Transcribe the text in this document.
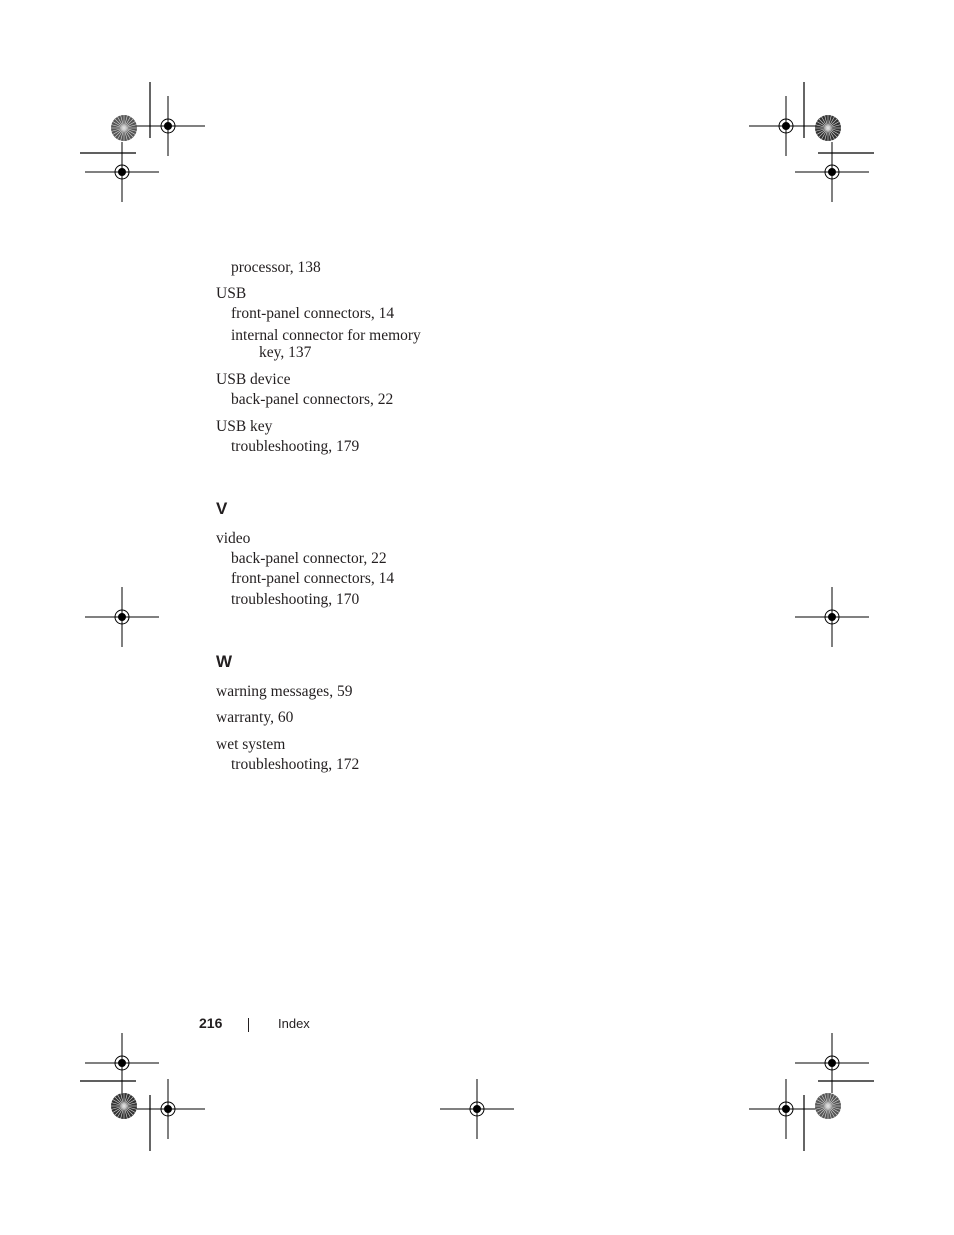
processor, 138
USB
front-panel connectors, 14
internal connector for memory
key, 137
USB device
back-panel connectors, 22
USB key
troubleshooting, 179
V
video
back-panel connector, 22
front-panel connectors, 14
troubleshooting, 170
W
warning messages, 59
warranty, 60
wet system
troubleshooting, 172
216	Index
